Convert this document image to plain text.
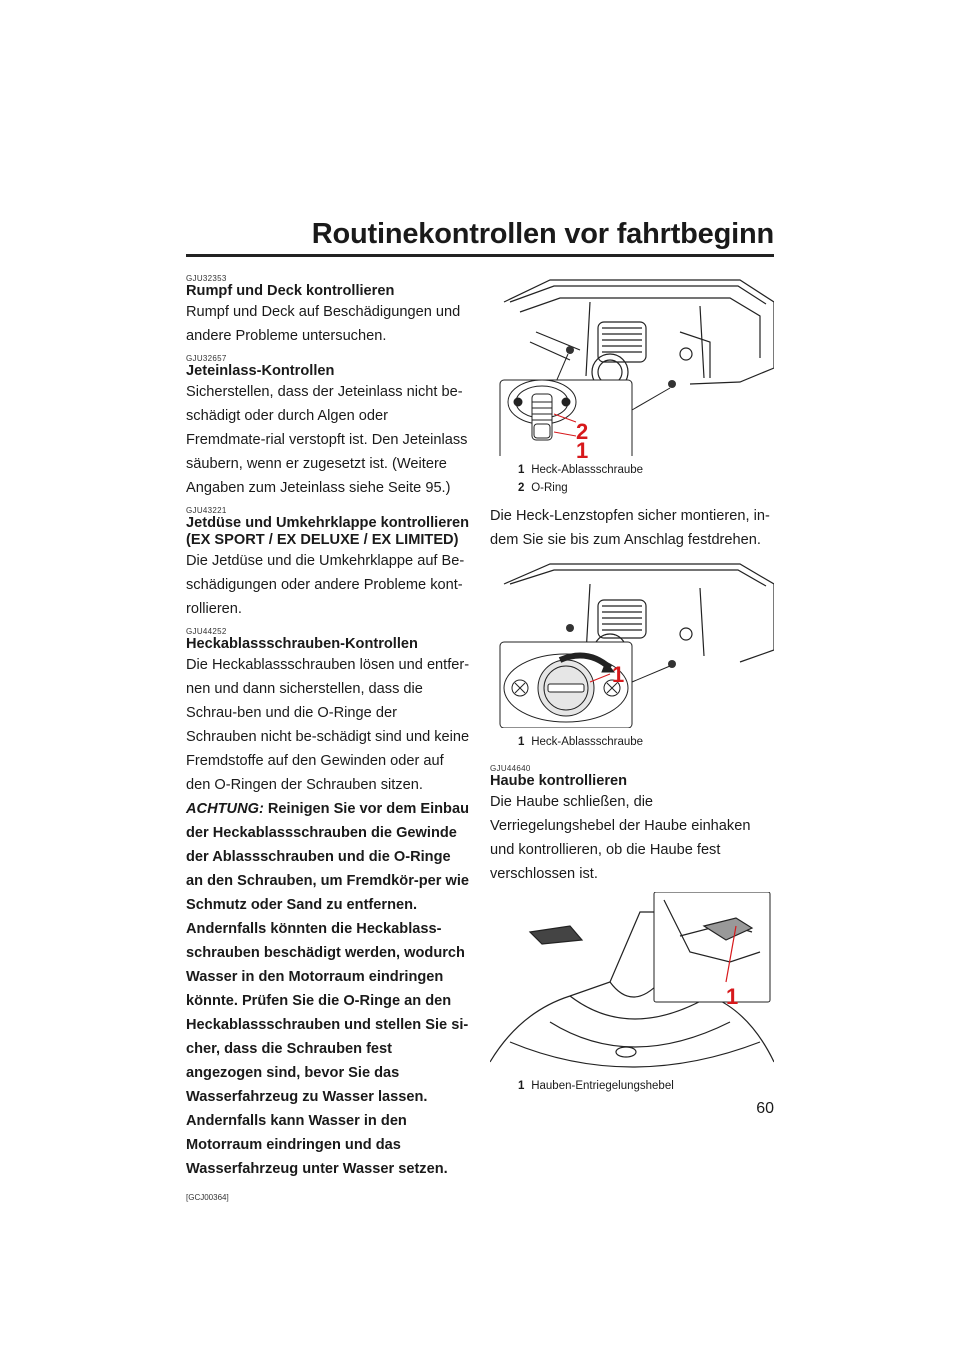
Routinekontrollen vor fahrtbeginn
GJU32353
Rumpf und Deck kontrollieren

Rumpf und Deck auf Beschädigungen und andere Probleme untersuchen.

GJU32657
Jeteinlass-Kontrollen

Sicherstellen, dass der Jeteinlass nicht be-schädigt oder durch Algen oder Fremdmate-rial verstopft ist. Den Jeteinlass säubern, wenn er zugesetzt ist. (Weitere Angaben zum Jeteinlass siehe Seite 95.)

GJU43221
Jetdüse und Umkehrklappe kontrollieren (EX SPORT / EX DELUXE / EX LIMITED)

Die Jetdüse und die Umkehrklappe auf Be-schädigungen oder andere Probleme kont-rollieren.

GJU44252
Heckablassschrauben-Kontrollen

Die Heckablassschrauben lösen und entfer-nen und dann sicherstellen, dass die Schrau-ben und die O-Ringe der Schrauben nicht be-schädigt sind und keine Fremdstoffe auf den Gewinden oder auf den O-Ringen der Schrauben sitzen. ACHTUNG: Reinigen Sie vor dem Einbau der Heckablassschrauben die Gewinde der Ablassschrauben und die O-Ringe an den Schrauben, um Fremdkör-per wie Schmutz oder Sand zu entfernen. Andernfalls könnten die Heckablass-schrauben beschädigt werden, wodurch Wasser in den Motorraum eindringen könnte. Prüfen Sie die O-Ringe an den Heckablassschrauben und stellen Sie si-cher, dass die Schrauben fest angezogen sind, bevor Sie das Wasserfahrzeug zu Wasser lassen. Andernfalls kann Wasser in den Motorraum eindringen und das Wasserfahrzeug unter Wasser setzen.

[GCJ00364]
2
1
1 Heck-Ablassschraube
2 O-Ring

Die Heck-Lenzstopfen sicher montieren, in-dem Sie sie bis zum Anschlag festdrehen.

1
1 Heck-Ablassschraube
GJU44640
Haube kontrollieren

Die Haube schließen, die Verriegelungshebel der Haube einhaken und kontrollieren, ob die Haube fest verschlossen ist.

1
1 Hauben-Entriegelungshebel
60
